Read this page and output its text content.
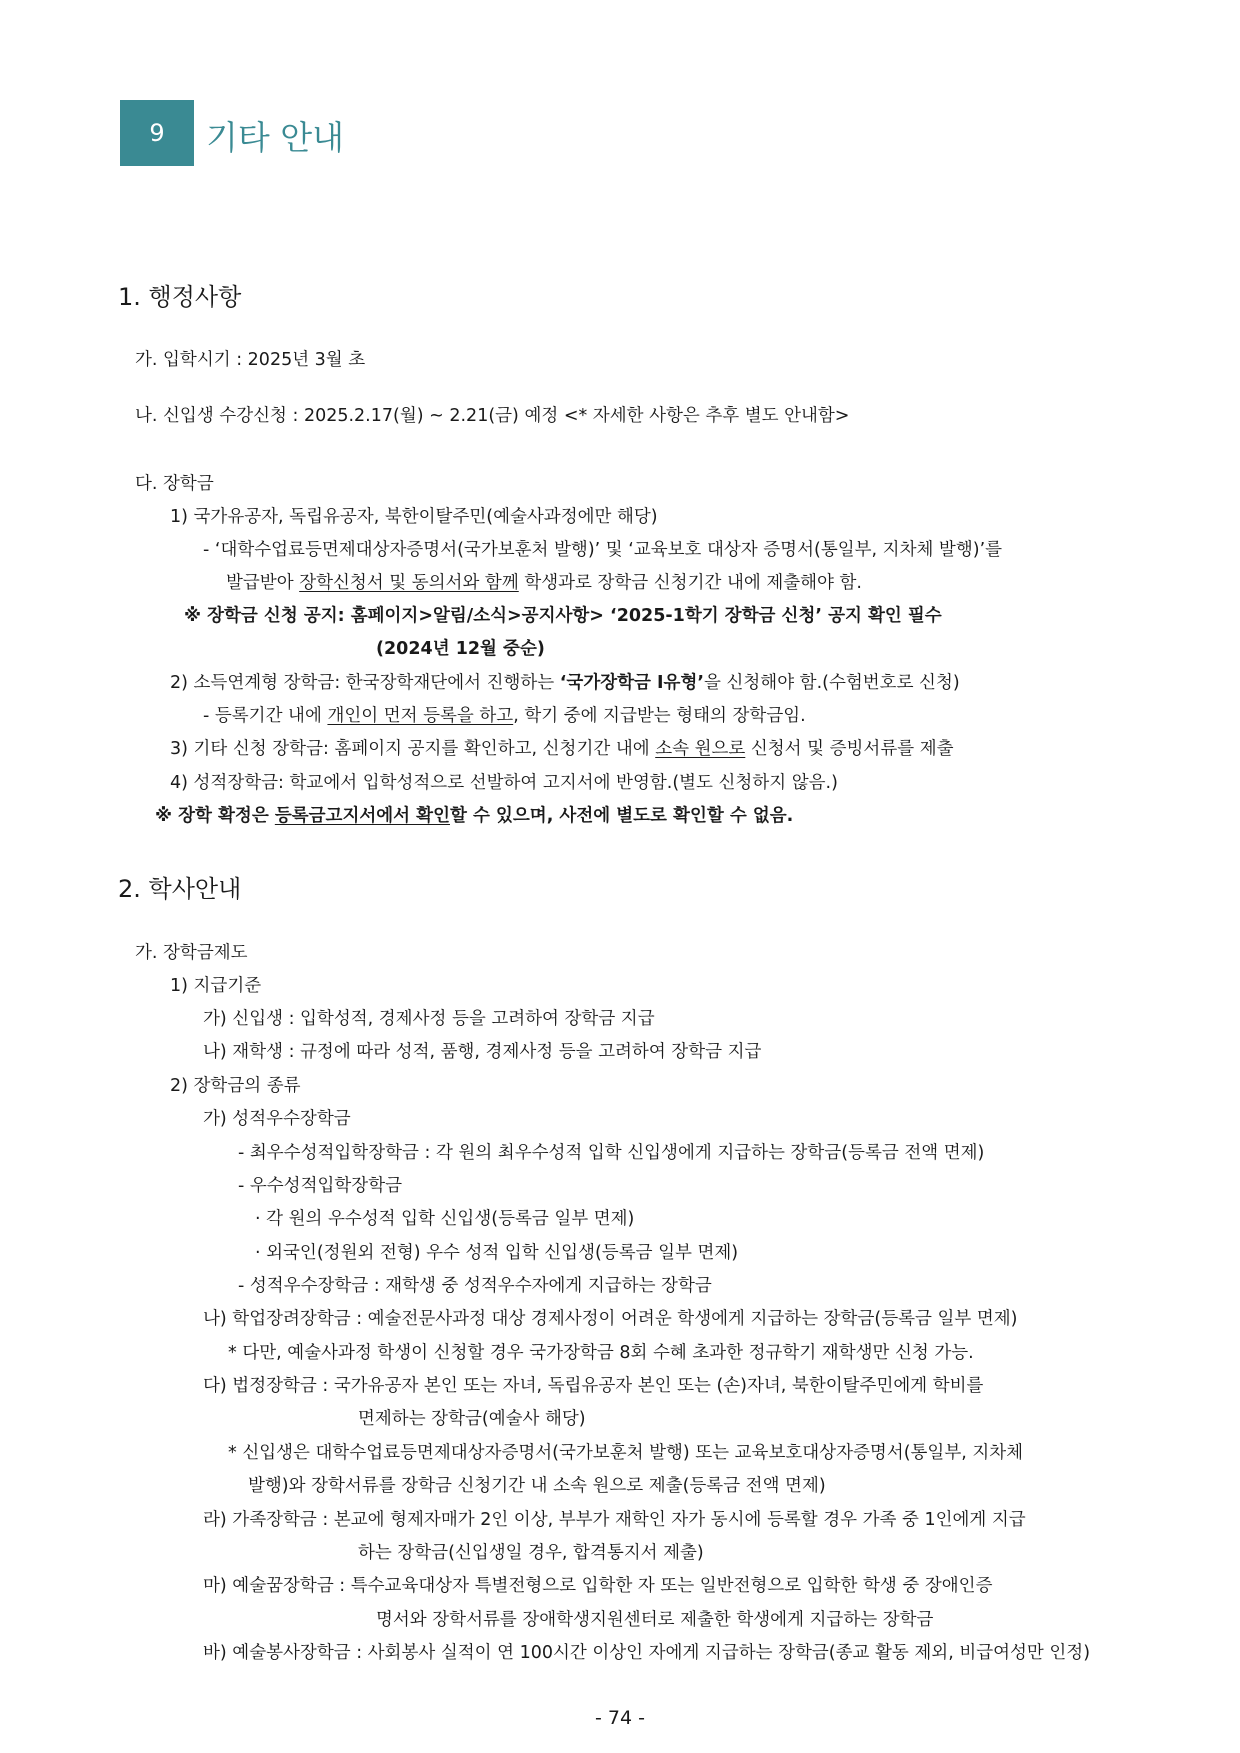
9	기타 안내
1. 행정사항
가. 입학시기 : 2025년 3월 초
나. 신입생 수강신청 : 2025.2.17(월) ~ 2.21(금) 예정 <* 자세한 사항은 추후 별도 안내함>
다. 장학금
1) 국가유공자, 독립유공자, 북한이탈주민(예술사과정에만 해당)
- ‘대학수업료등면제대상자증명서(국가보훈처 발행)’ 및 ‘교육보호 대상자 증명서(통일부, 지차체 발행)’를
발급받아 장학신청서 및 동의서와 함께 학생과로 장학금 신청기간 내에 제출해야 함.
※ 장학금 신청 공지: 홈페이지>알림/소식>공지사항> ‘2025-1학기 장학금 신청’ 공지 확인 필수
(2024년 12월 중순)
2) 소득연계형 장학금: 한국장학재단에서 진행하는 ‘국가장학금 Ⅰ유형’을 신청해야 함.(수험번호로 신청)
- 등록기간 내에 개인이 먼저 등록을 하고, 학기 중에 지급받는 형태의 장학금임.
3) 기타 신청 장학금: 홈페이지 공지를 확인하고, 신청기간 내에 소속 원으로 신청서 및 증빙서류를 제출
4) 성적장학금: 학교에서 입학성적으로 선발하여 고지서에 반영함.(별도 신청하지 않음.)
※ 장학 확정은 등록금고지서에서 확인할 수 있으며, 사전에 별도로 확인할 수 없음.
2. 학사안내
가. 장학금제도
1) 지급기준
가) 신입생 : 입학성적, 경제사정 등을 고려하여 장학금 지급
나) 재학생 : 규정에 따라 성적, 품행, 경제사정 등을 고려하여 장학금 지급
2) 장학금의 종류
가) 성적우수장학금
- 최우수성적입학장학금 : 각 원의 최우수성적 입학 신입생에게 지급하는 장학금(등록금 전액 면제)
- 우수성적입학장학금
· 각 원의 우수성적 입학 신입생(등록금 일부 면제)
· 외국인(정원외 전형) 우수 성적 입학 신입생(등록금 일부 면제)
- 성적우수장학금 : 재학생 중 성적우수자에게 지급하는 장학금
나) 학업장려장학금 : 예술전문사과정 대상 경제사정이 어려운 학생에게 지급하는 장학금(등록금 일부 면제)
* 다만, 예술사과정 학생이 신청할 경우 국가장학금 8회 수혜 초과한 정규학기 재학생만 신청 가능.
다) 법정장학금 : 국가유공자 본인 또는 자녀, 독립유공자 본인 또는 (손)자녀, 북한이탈주민에게 학비를
면제하는 장학금(예술사 해당)
* 신입생은 대학수업료등면제대상자증명서(국가보훈처 발행) 또는 교육보호대상자증명서(통일부, 지차체
발행)와 장학서류를 장학금 신청기간 내 소속 원으로 제출(등록금 전액 면제)
라) 가족장학금 : 본교에 형제자매가 2인 이상, 부부가 재학인 자가 동시에 등록할 경우 가족 중 1인에게 지급
하는 장학금(신입생일 경우, 합격통지서 제출)
마) 예술꿈장학금 : 특수교육대상자 특별전형으로 입학한 자 또는 일반전형으로 입학한 학생 중 장애인증
명서와 장학서류를 장애학생지원센터로 제출한 학생에게 지급하는 장학금
바) 예술봉사장학금 : 사회봉사 실적이 연 100시간 이상인 자에게 지급하는 장학금(종교 활동 제외, 비급여성만 인정)
- 74 -
